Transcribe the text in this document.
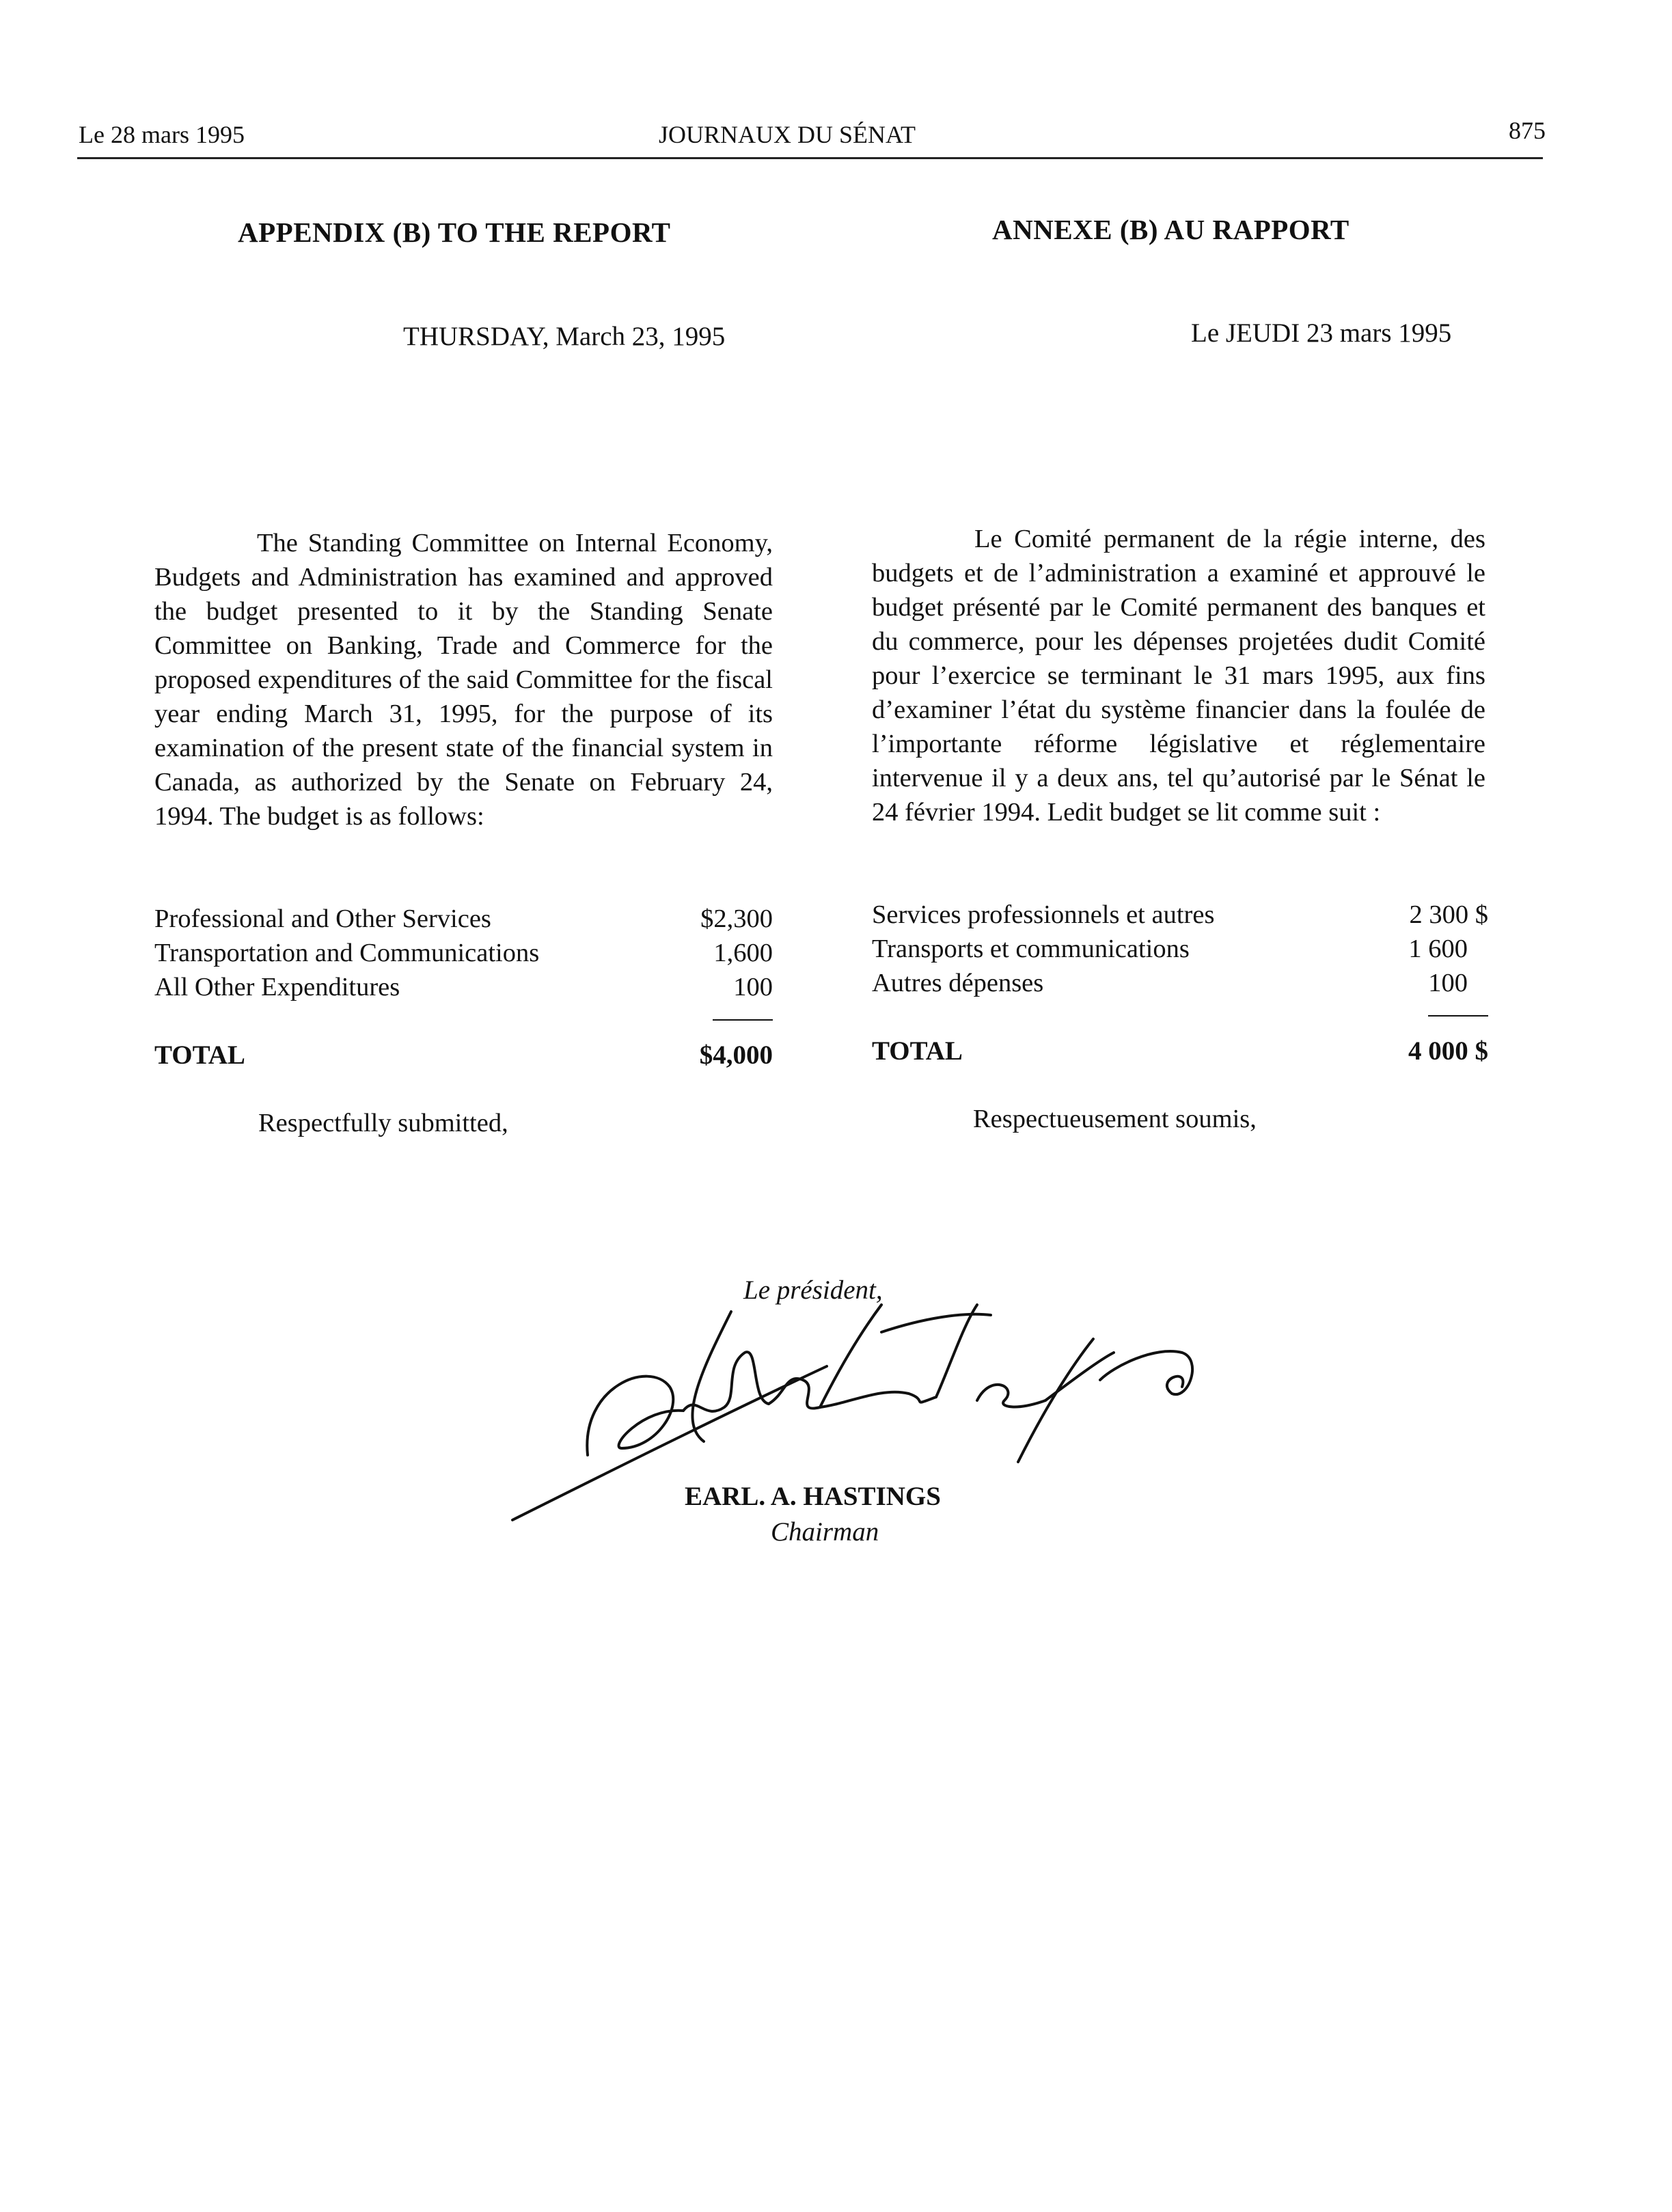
Le 28 mars 1995	JOURNAUX DU SÉNAT	875
APPENDIX (B) TO THE REPORT
THURSDAY, March 23, 1995
The Standing Committee on Internal Economy, Budgets and Administration has examined and approved the budget presented to it by the Standing Senate Committee on Banking, Trade and Commerce for the proposed expenditures of the said Committee for the fiscal year ending March 31, 1995, for the purpose of its examination of the present state of the financial system in Canada, as authorized by the Senate on February 24, 1994. The budget is as follows:
Professional and Other Services	$2,300
Transportation and Communications	1,600
All Other Expenditures	100
TOTAL	$4,000
Respectfully submitted,
ANNEXE (B) AU RAPPORT
Le JEUDI 23 mars 1995
Le Comité permanent de la régie interne, des budgets et de l’administration a examiné et approuvé le budget présenté par le Comité permanent des banques et du commerce, pour les dépenses projetées dudit Comité pour l’exercice se terminant le 31 mars 1995, aux fins d’examiner l’état du système financier dans la foulée de l’importante réforme législative et réglementaire intervenue il y a deux ans, tel qu’autorisé par le Sénat le 24 février 1994. Ledit budget se lit comme suit :
Services professionnels et autres	2 300 $
Transports et communications	1 600
Autres dépenses	100
TOTAL	4 000 $
Respectueusement soumis,
Le président,
EARL. A. HASTINGS
Chairman
